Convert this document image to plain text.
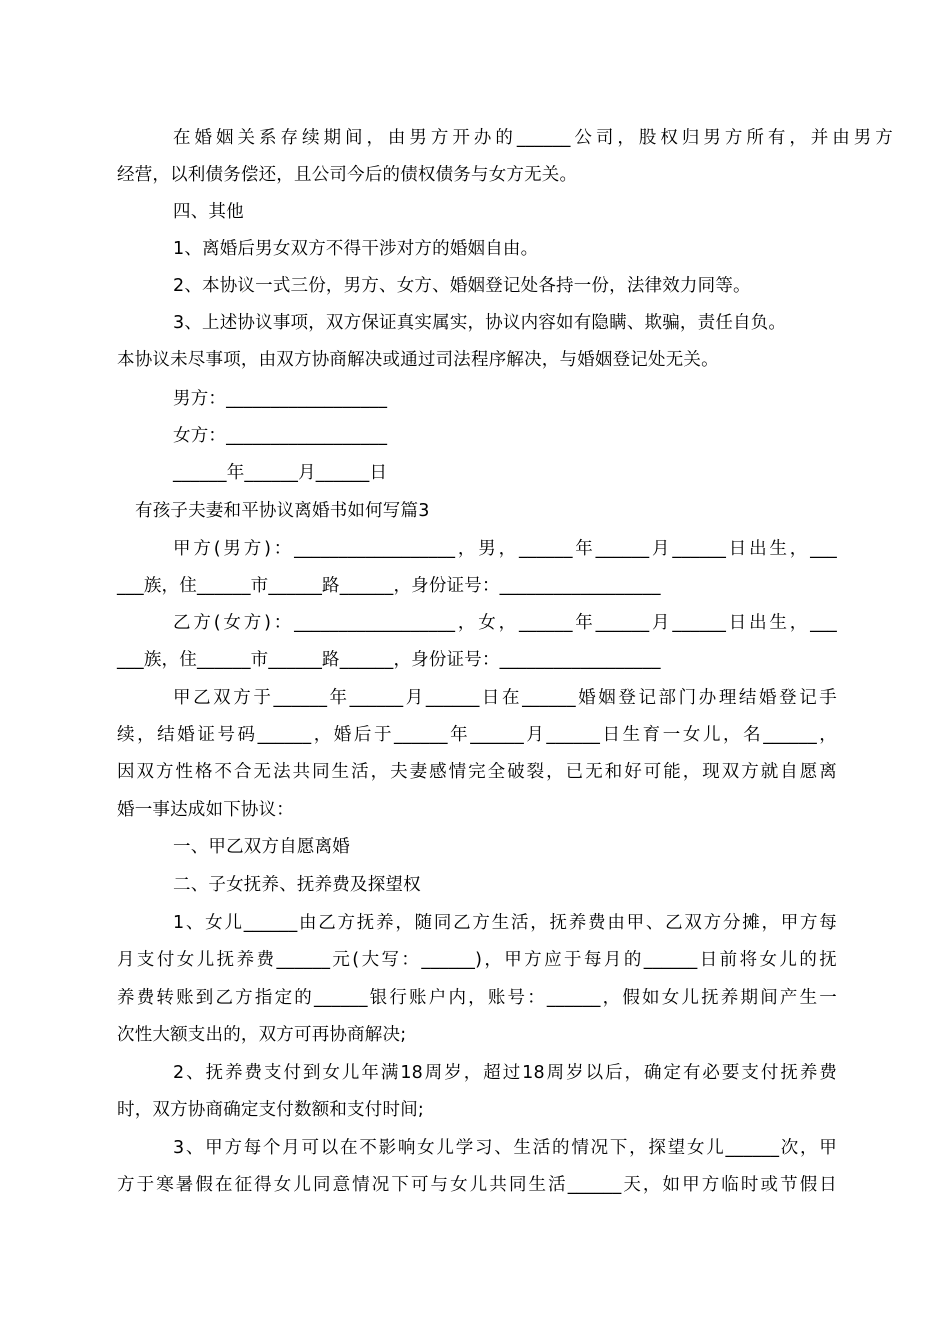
在婚姻关系存续期间，由男方开办的______公司，股权归男方所有，并由男方
经营，以利债务偿还，且公司今后的债权债务与女方无关。
四、其他
1、离婚后男女双方不得干涉对方的婚姻自由。
2、本协议一式三份，男方、女方、婚姻登记处各持一份，法律效力同等。
3、上述协议事项，双方保证真实属实，协议内容如有隐瞒、欺骗，责任自负。
本协议未尽事项，由双方协商解决或通过司法程序解决，与婚姻登记处无关。
男方：__________________
女方：__________________
______年______月______日
有孩子夫妻和平协议离婚书如何写篇3
甲方(男方)：__________________，男，______年______月______日出生，___
___族，住______市______路______，身份证号：__________________
乙方(女方)：__________________，女，______年______月______日出生，___
___族，住______市______路______，身份证号：__________________
甲乙双方于______年______月______日在______婚姻登记部门办理结婚登记手
续，结婚证号码______，婚后于______年______月______日生育一女儿，名______，
因双方性格不合无法共同生活，夫妻感情完全破裂，已无和好可能，现双方就自愿离
婚一事达成如下协议：
一、甲乙双方自愿离婚
二、子女抚养、抚养费及探望权
1、女儿______由乙方抚养，随同乙方生活，抚养费由甲、乙双方分摊，甲方每
月支付女儿抚养费______元(大写：______)，甲方应于每月的______日前将女儿的抚
养费转账到乙方指定的______银行账户内，账号：______，假如女儿抚养期间产生一
次性大额支出的，双方可再协商解决;
2、抚养费支付到女儿年满18周岁，超过18周岁以后，确定有必要支付抚养费
时，双方协商确定支付数额和支付时间;
3、甲方每个月可以在不影响女儿学习、生活的情况下，探望女儿______次，甲
方于寒暑假在征得女儿同意情况下可与女儿共同生活______天，如甲方临时或节假日
